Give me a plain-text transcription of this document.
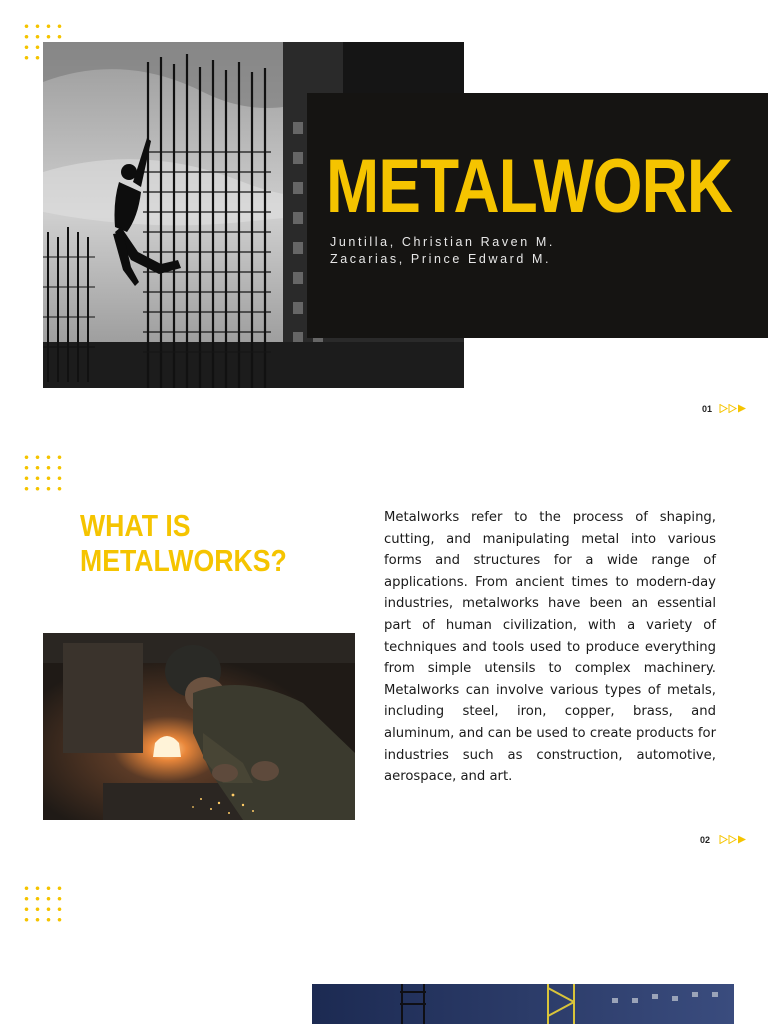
METALWORK
Juntilla, Christian Raven M.
Zacarias, Prince Edward M.
01
WHAT IS
METALWORKS?

Metalworks refer to the process of shaping, cutting, and manipulating metal into various forms and structures for a wide range of applications. From ancient times to modern-day industries, metalworks have been an essential part of human civilization, with a variety of techniques and tools used to produce everything from simple utensils to complex machinery. Metalworks can involve various types of metals, including steel, iron, copper, brass, and aluminum, and can be used to create products for industries such as construction, automotive, aerospace, and art.

02
